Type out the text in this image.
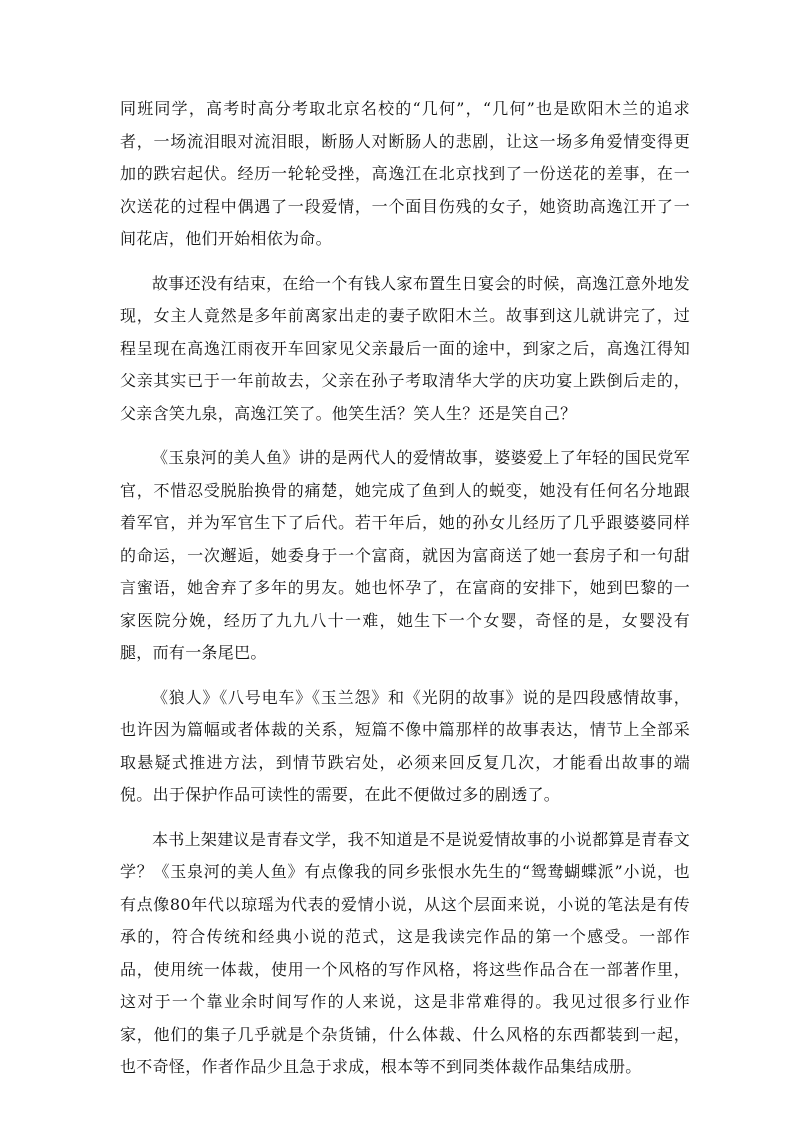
同班同学，高考时高分考取北京名校的“几何”，“几何”也是欧阳木兰的追求者，一场流泪眼对流泪眼，断肠人对断肠人的悲剧，让这一场多角爱情变得更加的跌宕起伏。经历一轮轮受挫，高逸江在北京找到了一份送花的差事，在一次送花的过程中偶遇了一段爱情，一个面目伤残的女子，她资助高逸江开了一间花店，他们开始相依为命。

故事还没有结束，在给一个有钱人家布置生日宴会的时候，高逸江意外地发现，女主人竟然是多年前离家出走的妻子欧阳木兰。故事到这儿就讲完了，过程呈现在高逸江雨夜开车回家见父亲最后一面的途中，到家之后，高逸江得知父亲其实已于一年前故去，父亲在孙子考取清华大学的庆功宴上跌倒后走的，父亲含笑九泉，高逸江笑了。他笑生活？笑人生？还是笑自己？

《玉泉河的美人鱼》讲的是两代人的爱情故事，婆婆爱上了年轻的国民党军官，不惜忍受脱胎换骨的痛楚，她完成了鱼到人的蜕变，她没有任何名分地跟着军官，并为军官生下了后代。若干年后，她的孙女儿经历了几乎跟婆婆同样的命运，一次邂逅，她委身于一个富商，就因为富商送了她一套房子和一句甜言蜜语，她舍弃了多年的男友。她也怀孕了，在富商的安排下，她到巴黎的一家医院分娩，经历了九九八十一难，她生下一个女婴，奇怪的是，女婴没有腿，而有一条尾巴。

《狼人》《八号电车》《玉兰怨》和《光阴的故事》说的是四段感情故事，也许因为篇幅或者体裁的关系，短篇不像中篇那样的故事表达，情节上全部采取悬疑式推进方法，到情节跌宕处，必须来回反复几次，才能看出故事的端倪。出于保护作品可读性的需要，在此不便做过多的剧透了。

本书上架建议是青春文学，我不知道是不是说爱情故事的小说都算是青春文学？《玉泉河的美人鱼》有点像我的同乡张恨水先生的“鸳鸯蝴蝶派”小说，也有点像80年代以琼瑶为代表的爱情小说，从这个层面来说，小说的笔法是有传承的，符合传统和经典小说的范式，这是我读完作品的第一个感受。一部作品，使用统一体裁，使用一个风格的写作风格，将这些作品合在一部著作里，这对于一个靠业余时间写作的人来说，这是非常难得的。我见过很多行业作家，他们的集子几乎就是个杂货铺，什么体裁、什么风格的东西都装到一起，也不奇怪，作者作品少且急于求成，根本等不到同类体裁作品集结成册。
